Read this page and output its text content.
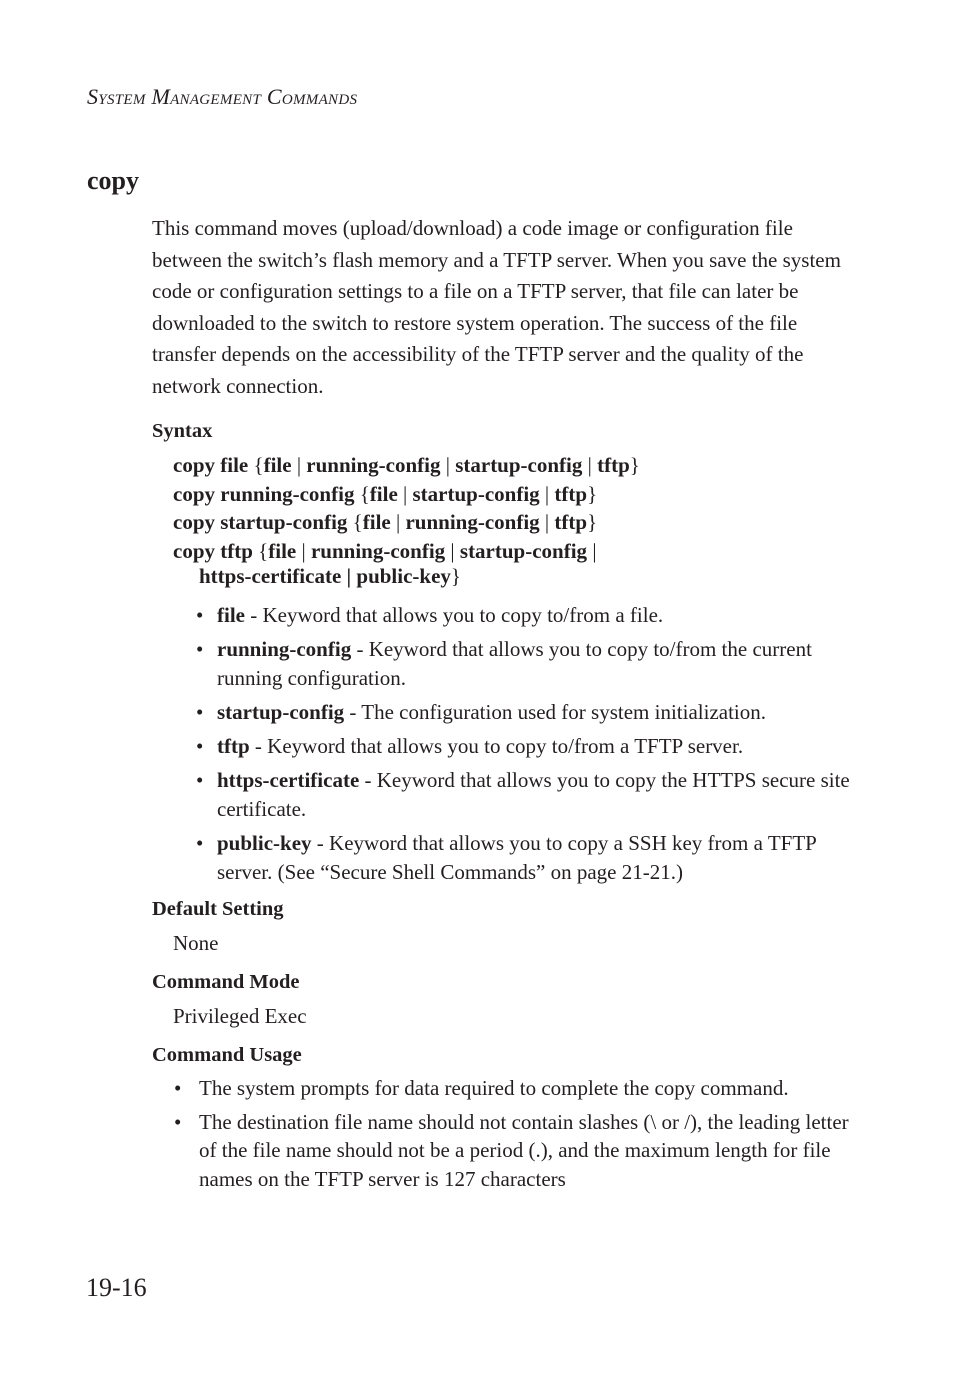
System Management Commands
copy

This command moves (upload/download) a code image or configuration file between the switch’s flash memory and a TFTP server. When you save the system code or configuration settings to a file on a TFTP server, that file can later be downloaded to the switch to restore system operation. The success of the file transfer depends on the accessibility of the TFTP server and the quality of the network connection.

Syntax
copy file {file | running-config | startup-config | tftp}
copy running-config {file | startup-config | tftp}
copy startup-config {file | running-config | tftp}
copy tftp {file | running-config | startup-config |
https-certificate | public-key}
• file - Keyword that allows you to copy to/from a file.
• running-config - Keyword that allows you to copy to/from the current running configuration.
• startup-config - The configuration used for system initialization.
• tftp - Keyword that allows you to copy to/from a TFTP server.
• https-certificate - Keyword that allows you to copy the HTTPS secure site certificate.
• public-key - Keyword that allows you to copy a SSH key from a TFTP server. (See “Secure Shell Commands” on page 21-21.)
Default Setting

None

Command Mode

Privileged Exec

Command Usage
• The system prompts for data required to complete the copy command.
• The destination file name should not contain slashes (\ or /), the leading letter of the file name should not be a period (.), and the maximum length for file names on the TFTP server is 127 characters
19-16
